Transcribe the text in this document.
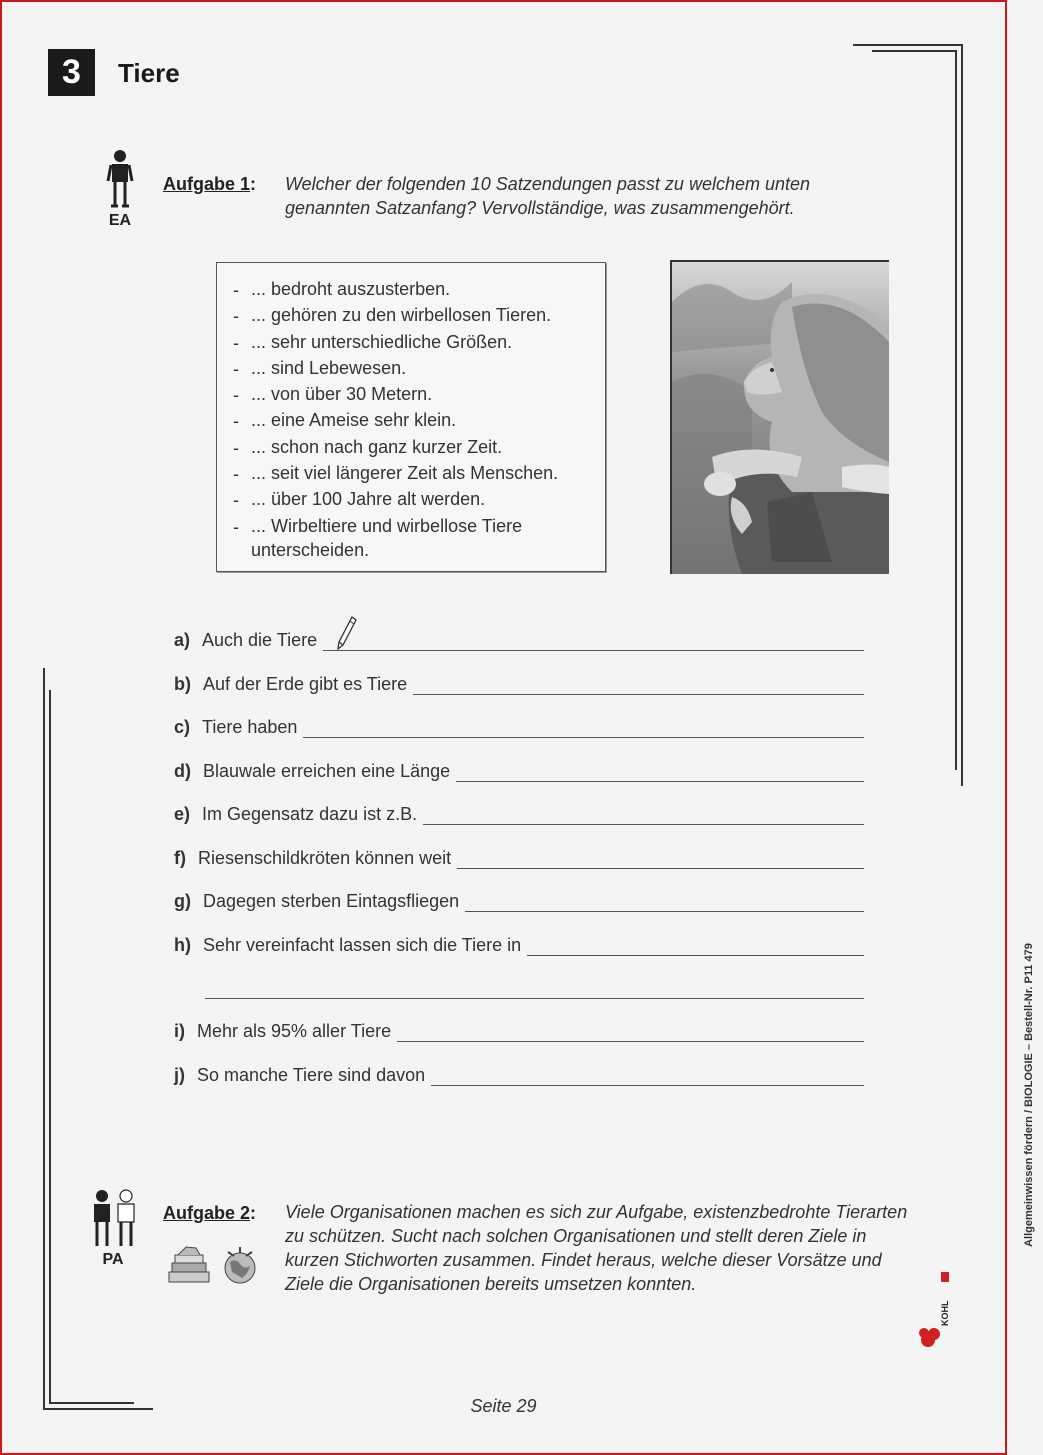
3	Tiere
EA
Aufgabe 1: Welcher der folgenden 10 Satzendungen passt zu welchem unten genannten Satzanfang? Vervollständige, was zusammengehört.
- ... bedroht auszusterben.
- ... gehören zu den wirbellosen Tieren.
- ... sehr unterschiedliche Größen.
- ... sind Lebewesen.
- ... von über 30 Metern.
- ... eine Ameise sehr klein.
- ... schon nach ganz kurzer Zeit.
- ... seit viel längerer Zeit als Menschen.
- ... über 100 Jahre alt werden.
- ... Wirbeltiere und wirbellose Tiere unterscheiden.
a) Auch die Tiere
b) Auf der Erde gibt es Tiere
c) Tiere haben
d) Blauwale erreichen eine Länge
e) Im Gegensatz dazu ist z.B.
f) Riesenschildkröten können weit
g) Dagegen sterben Eintagsfliegen
h) Sehr vereinfacht lassen sich die Tiere in
i) Mehr als 95% aller Tiere
j) So manche Tiere sind davon
PA
Aufgabe 2: Viele Organisationen machen es sich zur Aufgabe, existenzbedrohte Tierarten zu schützen. Sucht nach solchen Organisationen und stellt deren Ziele in kurzen Stichworten zusammen. Findet heraus, welche dieser Vorsätze und Ziele die Organisationen bereits umsetzen konnten.
Allgemeinwissen fördern / BIOLOGIE – Bestell-Nr. P11 479
KOHL
Seite 29
